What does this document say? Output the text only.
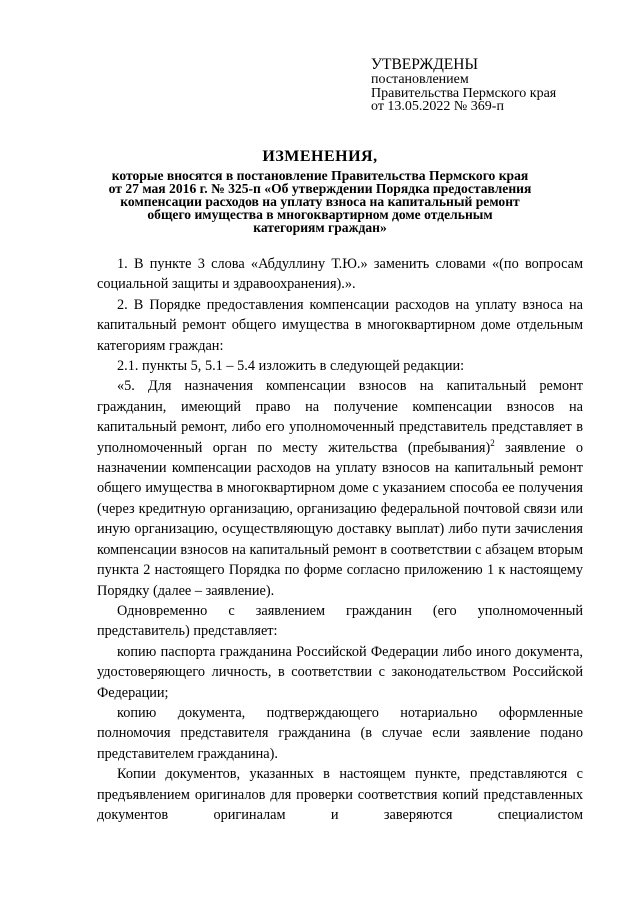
УТВЕРЖДЕНЫ
постановлением
Правительства Пермского края
от 13.05.2022 № 369-п
ИЗМЕНЕНИЯ,
которые вносятся в постановление Правительства Пермского края
от 27 мая 2016 г. № 325-п «Об утверждении Порядка предоставления
компенсации расходов на уплату взноса на капитальный ремонт
общего имущества в многоквартирном доме отдельным
категориям граждан»

1. В пункте 3 слова «Абдуллину Т.Ю.» заменить словами «(по вопросам социальной защиты и здравоохранения).».

2. В Порядке предоставления компенсации расходов на уплату взноса на капитальный ремонт общего имущества в многоквартирном доме отдельным категориям граждан:

2.1. пункты 5, 5.1 – 5.4 изложить в следующей редакции:

«5. Для назначения компенсации взносов на капитальный ремонт гражданин, имеющий право на получение компенсации взносов на капитальный ремонт, либо его уполномоченный представитель представляет в уполномоченный орган по месту жительства (пребывания)$^2$ заявление о назначении компенсации расходов на уплату взносов на капитальный ремонт общего имущества в многоквартирном доме с указанием способа ее получения (через кредитную организацию, организацию федеральной почтовой связи или иную организацию, осуществляющую доставку выплат) либо пути зачисления компенсации взносов на капитальный ремонт в соответствии с абзацем вторым пункта 2 настоящего Порядка по форме согласно приложению 1 к настоящему Порядку (далее – заявление).

Одновременно с заявлением гражданин (его уполномоченный представитель) представляет:

копию паспорта гражданина Российской Федерации либо иного документа, удостоверяющего личность, в соответствии с законодательством Российской Федерации;

копию документа, подтверждающего нотариально оформленные полномочия представителя гражданина (в случае если заявление подано представителем гражданина).

Копии документов, указанных в настоящем пункте, представляются с предъявлением оригиналов для проверки соответствия копий представленных документов оригиналам и заверяются специалистом
